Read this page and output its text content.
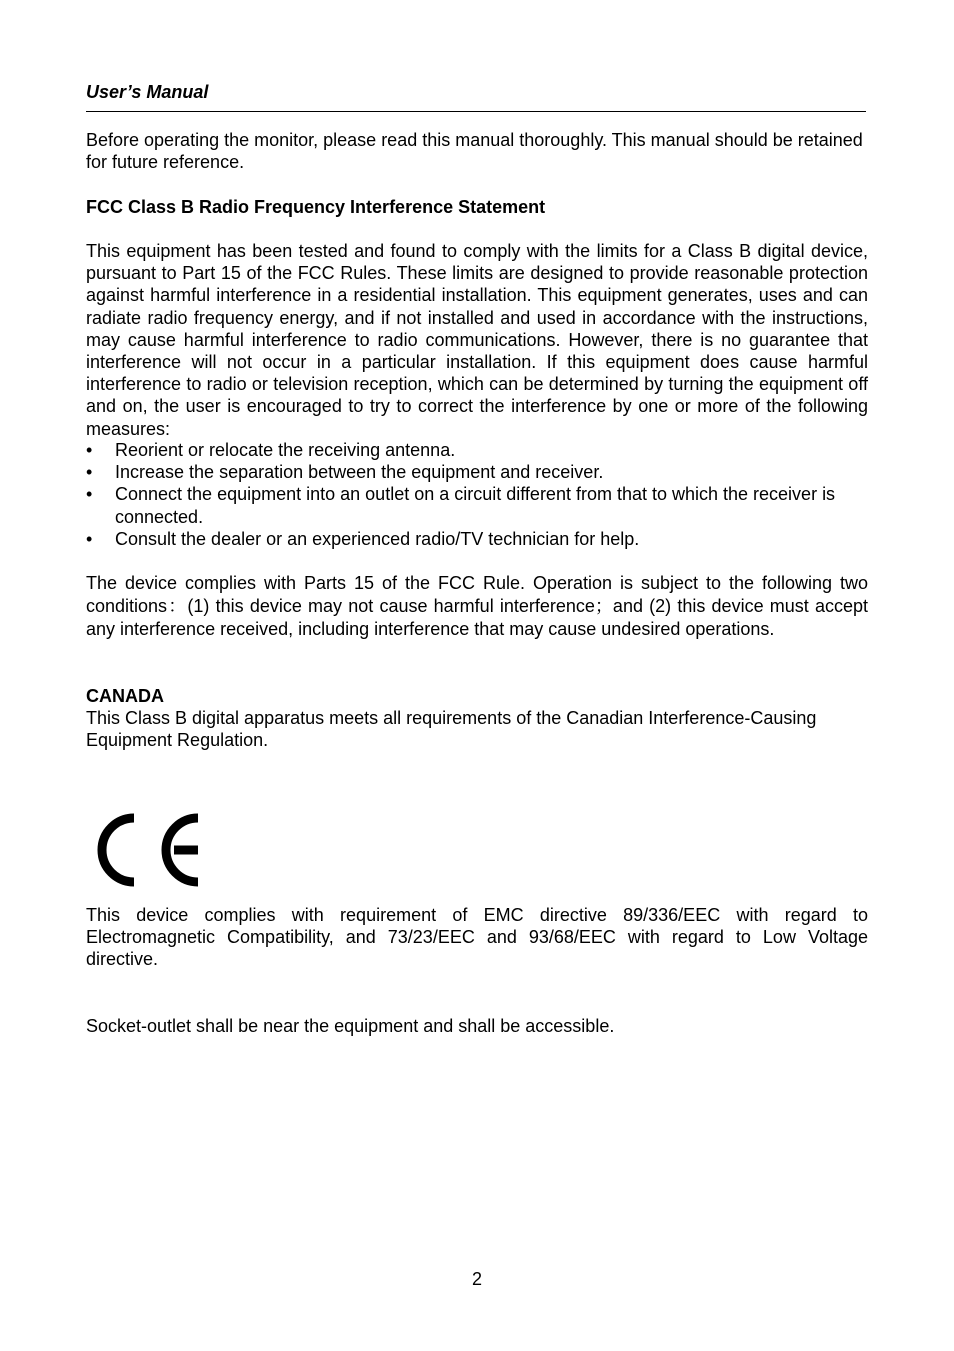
User’s Manual

Before operating the monitor, please read this manual thoroughly. This manual should be retained for future reference.

FCC Class B Radio Frequency Interference Statement

This equipment has been tested and found to comply with the limits for a Class B digital device, pursuant to Part 15 of the FCC Rules. These limits are designed to provide reasonable protection against harmful interference in a residential installation. This equipment generates, uses and can radiate radio frequency energy, and if not installed and used in accordance with the instructions, may cause harmful interference to radio communications. However, there is no guarantee that interference will not occur in a particular installation. If this equipment does cause harmful interference to radio or television reception, which can be determined by turning the equipment off and on, the user is encouraged to try to correct the interference by one or more of the following measures:

•	Reorient or relocate the receiving antenna.
•	Increase the separation between the equipment and receiver.
•	Connect the equipment into an outlet on a circuit different from that to which the receiver is connected.
•	Consult the dealer or an experienced radio/TV technician for help.

The device complies with Parts 15 of the FCC Rule. Operation is subject to the following two conditions：(1) this device may not cause harmful interference；and (2) this device must accept any interference received, including interference that may cause undesired operations.

CANADA

This Class B digital apparatus meets all requirements of the Canadian Interference-Causing Equipment Regulation.

This device complies with requirement of EMC directive 89/336/EEC with regard to Electromagnetic Compatibility, and 73/23/EEC and 93/68/EEC with regard to Low Voltage directive.

Socket-outlet shall be near the equipment and shall be accessible.

2
